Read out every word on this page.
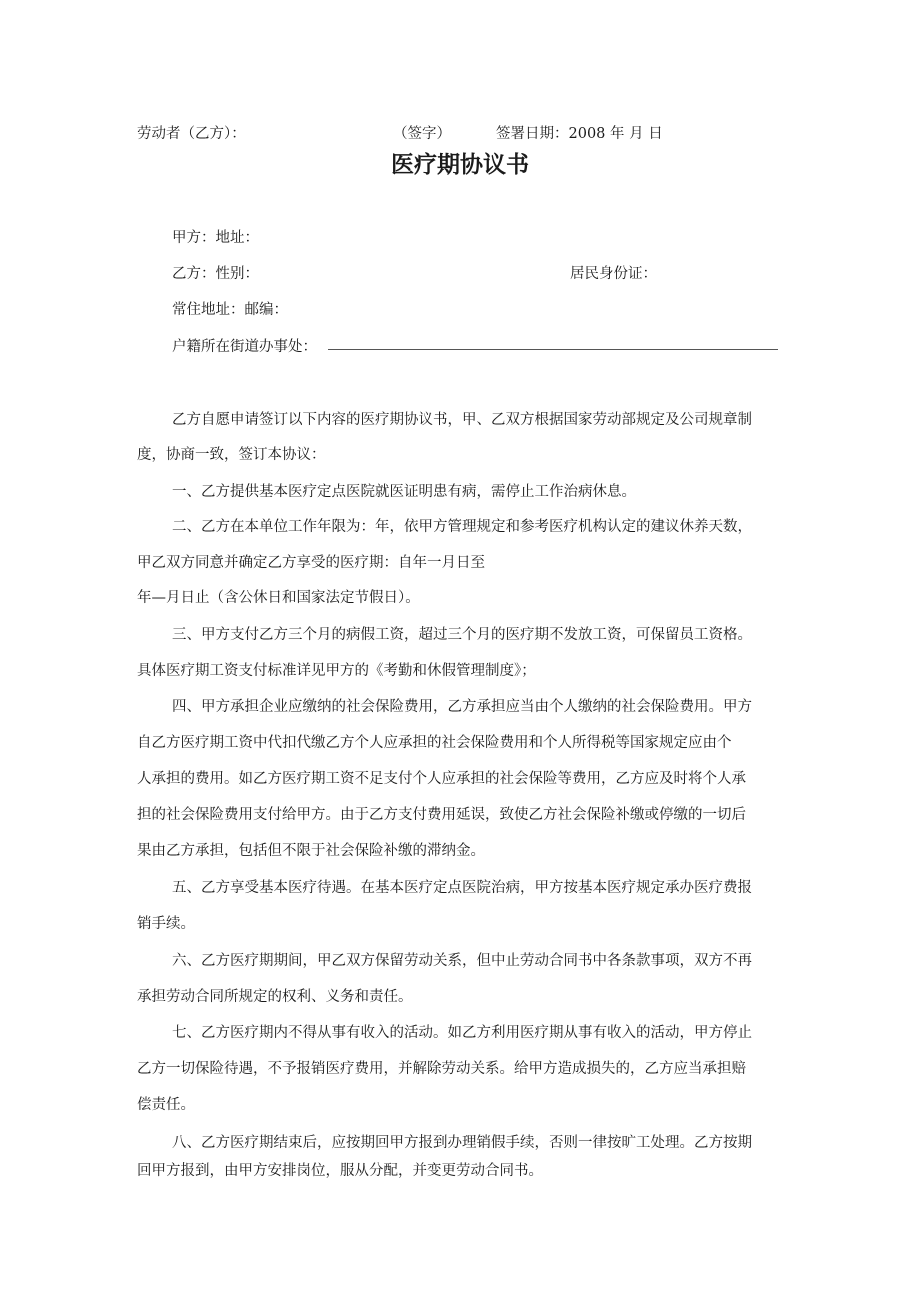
劳动者（乙方）：	（签字）	签署日期：2008 年 月 日
医疗期协议书
甲方：地址：
乙方：性别：	居民身份证：
常住地址：邮编：
户籍所在街道办事处：
乙方自愿申请签订以下内容的医疗期协议书，甲、乙双方根据国家劳动部规定及公司规章制
度，协商一致，签订本协议：
一、乙方提供基本医疗定点医院就医证明患有病，需停止工作治病休息。
二、乙方在本单位工作年限为：年，依甲方管理规定和参考医疗机构认定的建议休养天数，
甲乙双方同意并确定乙方享受的医疗期：自年一月日至
年—月日止（含公休日和国家法定节假日）。
三、甲方支付乙方三个月的病假工资，超过三个月的医疗期不发放工资，可保留员工资格。
具体医疗期工资支付标准详见甲方的《考勤和休假管理制度》；
四、甲方承担企业应缴纳的社会保险费用，乙方承担应当由个人缴纳的社会保险费用。甲方
自乙方医疗期工资中代扣代缴乙方个人应承担的社会保险费用和个人所得税等国家规定应由个
人承担的费用。如乙方医疗期工资不足支付个人应承担的社会保险等费用，乙方应及时将个人承
担的社会保险费用支付给甲方。由于乙方支付费用延误，致使乙方社会保险补缴或停缴的一切后
果由乙方承担，包括但不限于社会保险补缴的滞纳金。
五、乙方享受基本医疗待遇。在基本医疗定点医院治病，甲方按基本医疗规定承办医疗费报
销手续。
六、乙方医疗期期间，甲乙双方保留劳动关系，但中止劳动合同书中各条款事项，双方不再
承担劳动合同所规定的权利、义务和责任。
七、乙方医疗期内不得从事有收入的活动。如乙方利用医疗期从事有收入的活动，甲方停止
乙方一切保险待遇，不予报销医疗费用，并解除劳动关系。给甲方造成损失的，乙方应当承担赔
偿责任。
八、乙方医疗期结束后，应按期回甲方报到办理销假手续，否则一律按旷工处理。乙方按期
回甲方报到，由甲方安排岗位，服从分配，并变更劳动合同书。
